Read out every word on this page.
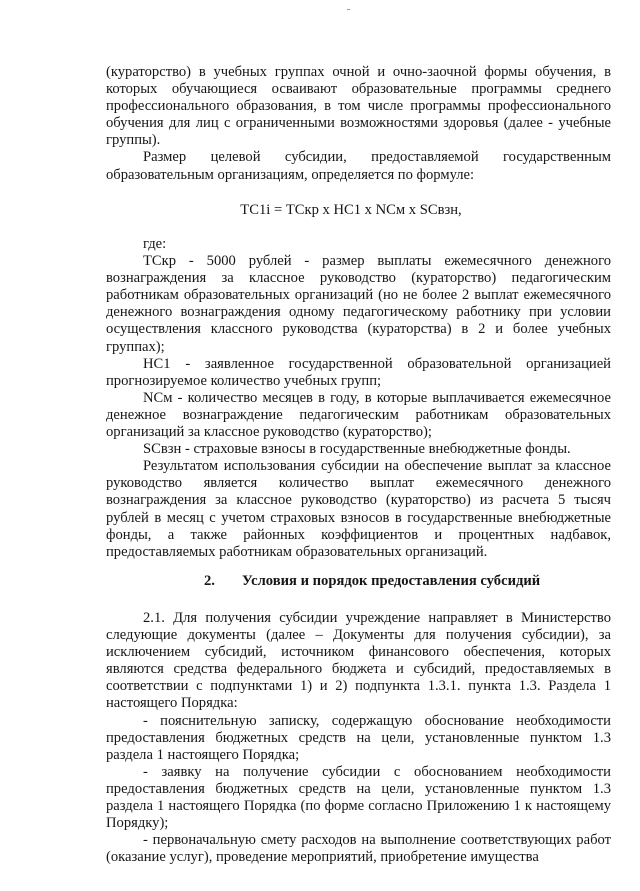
(кураторство) в учебных группах очной и очно-заочной формы обучения, в которых обучающиеся осваивают образовательные программы среднего профессионального образования, в том числе программы профессионального обучения для лиц с ограниченными возможностями здоровья (далее - учебные группы).

Размер целевой субсидии, предоставляемой государственным образовательным организациям, определяется по формуле:

ТС1i = ТСкр х НС1 х NСм х SСвзн,

где:

ТСкр - 5000 рублей - размер выплаты ежемесячного денежного вознаграждения за классное руководство (кураторство) педагогическим работникам образовательных организаций (но не более 2 выплат ежемесячного денежного вознаграждения одному педагогическому работнику при условии осуществления классного руководства (кураторства) в 2 и более учебных группах);

НС1 - заявленное государственной образовательной организацией прогнозируемое количество учебных групп;

NСм - количество месяцев в году, в которые выплачивается ежемесячное денежное вознаграждение педагогическим работникам образовательных организаций за классное руководство (кураторство);

SСвзн - страховые взносы в государственные внебюджетные фонды.

Результатом использования субсидии на обеспечение выплат за классное руководство является количество выплат ежемесячного денежного вознаграждения за классное руководство (кураторство) из расчета 5 тысяч рублей в месяц с учетом страховых взносов в государственные внебюджетные фонды, а также районных коэффициентов и процентных надбавок, предоставляемых работникам образовательных организаций.

2. Условия и порядок предоставления субсидий

2.1. Для получения субсидии учреждение направляет в Министерство следующие документы (далее – Документы для получения субсидии), за исключением субсидий, источником финансового обеспечения, которых являются средства федерального бюджета и субсидий, предоставляемых в соответствии с подпунктами 1) и 2) подпункта 1.3.1. пункта 1.3. Раздела 1 настоящего Порядка:

- пояснительную записку, содержащую обоснование необходимости предоставления бюджетных средств на цели, установленные пунктом 1.3 раздела 1 настоящего Порядка;

- заявку на получение субсидии с обоснованием необходимости предоставления бюджетных средств на цели, установленные пунктом 1.3 раздела 1 настоящего Порядка (по форме согласно Приложению 1 к настоящему Порядку);

- первоначальную смету расходов на выполнение соответствующих работ (оказание услуг), проведение мероприятий, приобретение имущества
